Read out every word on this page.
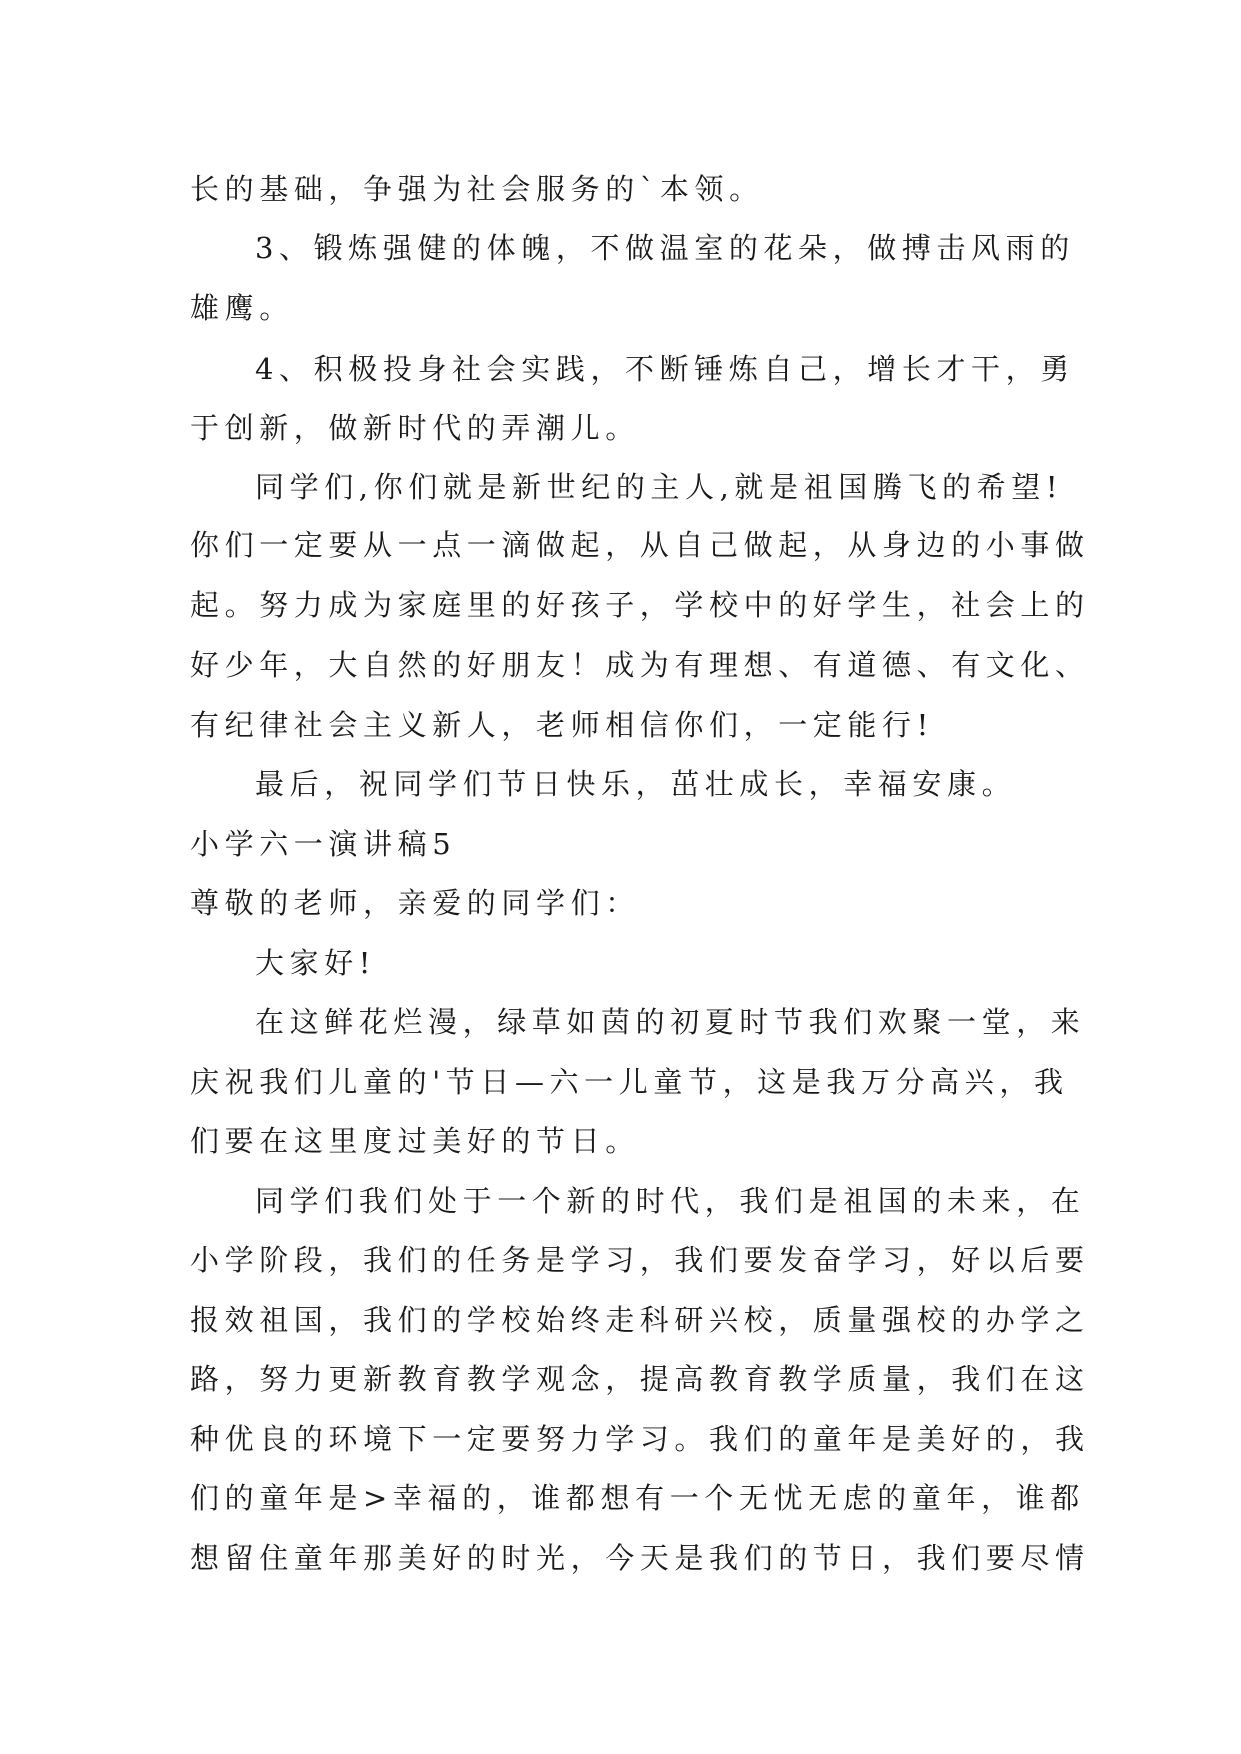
长的基础，争强为社会服务的`本领。
3、锻炼强健的体魄，不做温室的花朵，做搏击风雨的
雄鹰。
4、积极投身社会实践，不断锤炼自己，增长才干，勇
于创新，做新时代的弄潮儿。
同学们,你们就是新世纪的主人,就是祖国腾飞的希望!
你们一定要从一点一滴做起，从自己做起，从身边的小事做
起。努力成为家庭里的好孩子，学校中的好学生，社会上的
好少年，大自然的好朋友！成为有理想、有道德、有文化、
有纪律社会主义新人，老师相信你们，一定能行!
最后，祝同学们节日快乐，茁壮成长，幸福安康。
小学六一演讲稿5
尊敬的老师，亲爱的同学们：
大家好!
在这鲜花烂漫，绿草如茵的初夏时节我们欢聚一堂，来
庆祝我们儿童的'节日—六一儿童节，这是我万分高兴，我
们要在这里度过美好的节日。
同学们我们处于一个新的时代，我们是祖国的未来，在
小学阶段，我们的任务是学习，我们要发奋学习，好以后要
报效祖国，我们的学校始终走科研兴校，质量强校的办学之
路，努力更新教育教学观念，提高教育教学质量，我们在这
种优良的环境下一定要努力学习。我们的童年是美好的，我
们的童年是>幸福的，谁都想有一个无忧无虑的童年，谁都
想留住童年那美好的时光，今天是我们的节日，我们要尽情
